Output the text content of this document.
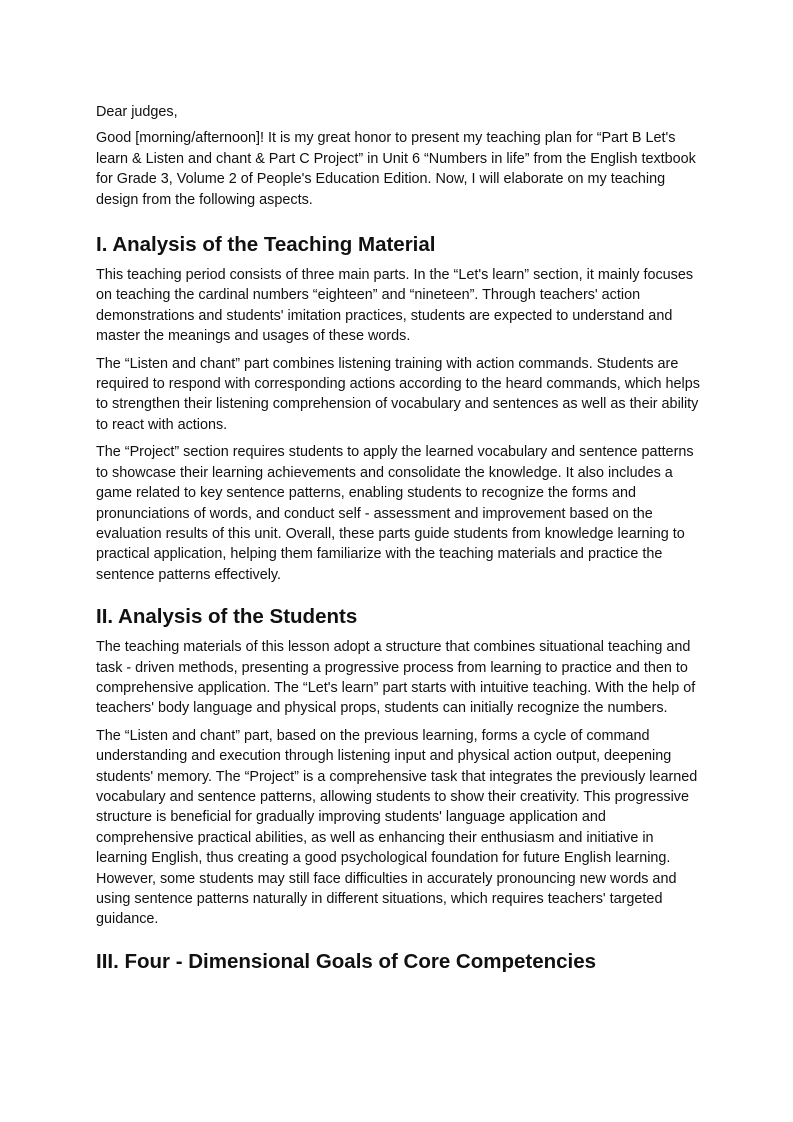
Dear judges,

Good [morning/afternoon]! It is my great honor to present my teaching plan for “Part B Let's learn & Listen and chant & Part C Project” in Unit 6 “Numbers in life” from the English textbook for Grade 3, Volume 2 of People's Education Edition. Now, I will elaborate on my teaching design from the following aspects.

I. Analysis of the Teaching Material

This teaching period consists of three main parts. In the “Let's learn” section, it mainly focuses on teaching the cardinal numbers “eighteen” and “nineteen”. Through teachers' action demonstrations and students' imitation practices, students are expected to understand and master the meanings and usages of these words.

The “Listen and chant” part combines listening training with action commands. Students are required to respond with corresponding actions according to the heard commands, which helps to strengthen their listening comprehension of vocabulary and sentences as well as their ability to react with actions.

The “Project” section requires students to apply the learned vocabulary and sentence patterns to showcase their learning achievements and consolidate the knowledge. It also includes a game related to key sentence patterns, enabling students to recognize the forms and pronunciations of words, and conduct self - assessment and improvement based on the evaluation results of this unit. Overall, these parts guide students from knowledge learning to practical application, helping them familiarize with the teaching materials and practice the sentence patterns effectively.

II. Analysis of the Students

The teaching materials of this lesson adopt a structure that combines situational teaching and task - driven methods, presenting a progressive process from learning to practice and then to comprehensive application. The “Let's learn” part starts with intuitive teaching. With the help of teachers' body language and physical props, students can initially recognize the numbers.

The “Listen and chant” part, based on the previous learning, forms a cycle of command understanding and execution through listening input and physical action output, deepening students' memory. The “Project” is a comprehensive task that integrates the previously learned vocabulary and sentence patterns, allowing students to show their creativity. This progressive structure is beneficial for gradually improving students' language application and comprehensive practical abilities, as well as enhancing their enthusiasm and initiative in learning English, thus creating a good psychological foundation for future English learning. However, some students may still face difficulties in accurately pronouncing new words and using sentence patterns naturally in different situations, which requires teachers' targeted guidance.

III. Four - Dimensional Goals of Core Competencies
